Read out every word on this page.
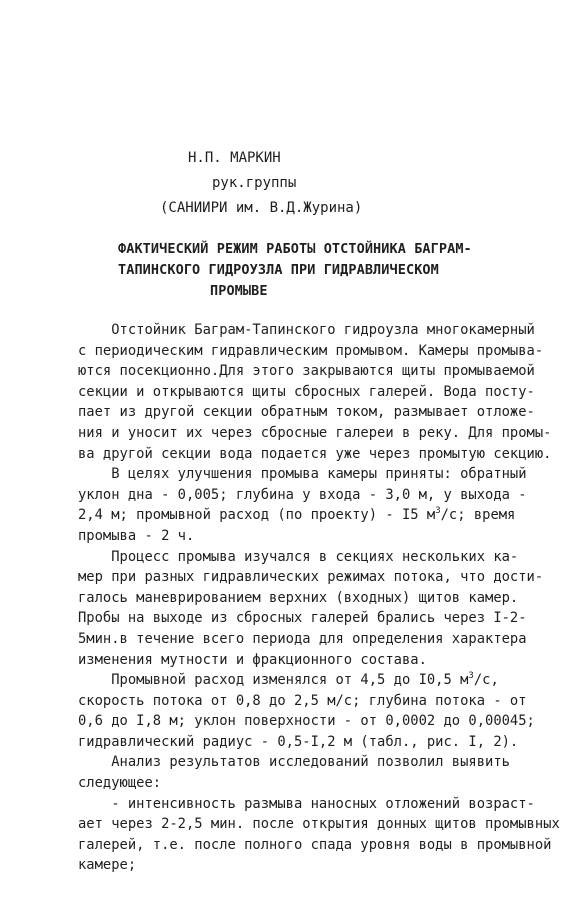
Н.П. МАРКИН
рук.группы
(САНИИРИ им. В.Д.Журина)
ФАКТИЧЕСКИЙ РЕЖИМ РАБОТЫ ОТСТОЙНИКА БАГРАМ-
ТАПИНСКОГО ГИДРОУЗЛА ПРИ ГИДРАВЛИЧЕСКОМ
ПРОМЫВЕ
Отстойник Баграм-Тапинского гидроузла многокамерный
с периодическим гидравлическим промывом. Камеры промыва-
ются посекционно.Для этого закрываются щиты промываемой
секции и открываются щиты сбросных галерей. Вода посту-
пает из другой секции обратным током, размывает отложе-
ния и уносит их через сбросные галереи в реку. Для промы-
ва другой секции вода подается уже через промытую секцию.
В целях улучшения промыва камеры приняты: обратный
уклон дна - 0,005; глубина у входа - 3,0 м, у выхода -
2,4 м; промывной расход (по проекту) - I5 $м^3/с$; время
промыва - 2 ч.
Процесс промыва изучался в секциях нескольких ка-
мер при разных гидравлических режимах потока, что дости-
галось маневрированием верхних (входных) щитов камер.
Пробы на выходе из сбросных галерей брались через I-2-
5мин.в течение всего периода для определения характера
изменения мутности и фракционного состава.
Промывной расход изменялся от 4,5 до I0,5 $м^3/с$,
скорость потока от 0,8 до 2,5 м/с; глубина потока - от
0,6 до I,8 м; уклон поверхности - от 0,0002 до 0,00045;
гидравлический радиус - 0,5-I,2 м (табл., рис. I, 2).
Анализ результатов исследований позволил выявить
следующее:
- интенсивность размыва наносных отложений возраст-
ает через 2-2,5 мин. после открытия донных щитов промывных
галерей, т.е. после полного спада уровня воды в промывной
камере;
